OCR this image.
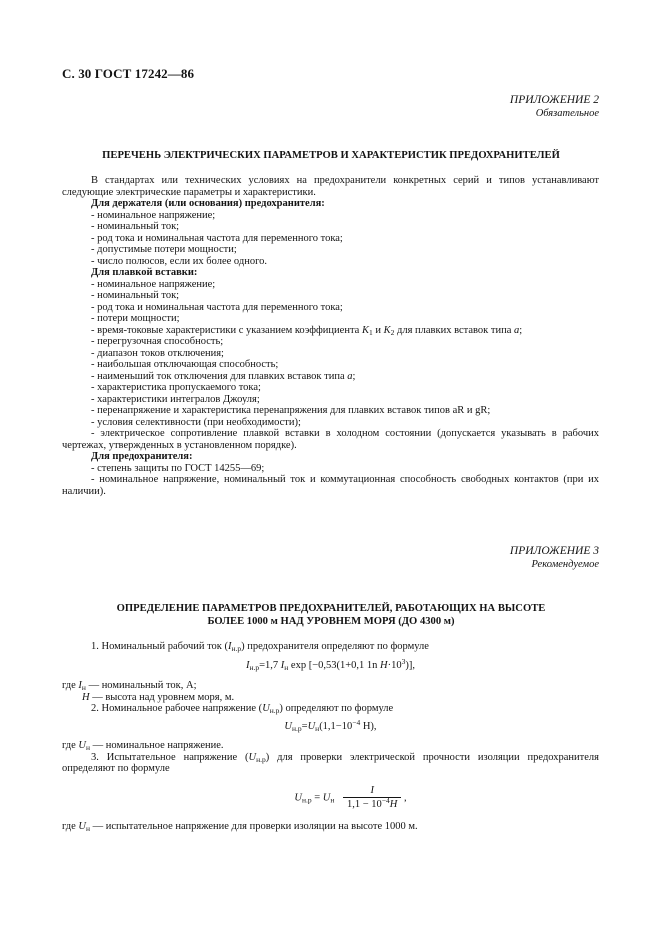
С. 30 ГОСТ 17242—86
ПРИЛОЖЕНИЕ 2
Обязательное
ПЕРЕЧЕНЬ ЭЛЕКТРИЧЕСКИХ ПАРАМЕТРОВ И ХАРАКТЕРИСТИК ПРЕДОХРАНИТЕЛЕЙ

В стандартах или технических условиях на предохранители конкретных серий и типов устанавливают следующие электрические параметры и характеристики.

Для держателя (или основания) предохранителя:

- номинальное напряжение;

- номинальный ток;

- род тока и номинальная частота для переменного тока;

- допустимые потери мощности;

- число полюсов, если их более одного.

Для плавкой вставки:

- номинальное напряжение;

- номинальный ток;

- род тока и номинальная частота для переменного тока;

- потери мощности;

- время-токовые характеристики с указанием коэффициента $K_1$ и $K_2$ для плавких вставок типа a;

- перегрузочная способность;

- диапазон токов отключения;

- наибольшая отключающая способность;

- наименьший ток отключения для плавких вставок типа a;

- характеристика пропускаемого тока;

- характеристики интегралов Джоуля;

- перенапряжение и характеристика перенапряжения для плавких вставок типов aR и gR;

- условия селективности (при необходимости);

- электрическое сопротивление плавкой вставки в холодном состоянии (допускается указывать в рабочих чертежах, утвержденных в установленном порядке).

Для предохранителя:

- степень защиты по ГОСТ 14255—69;

- номинальное напряжение, номинальный ток и коммутационная способность свободных контактов (при их наличии).

ПРИЛОЖЕНИЕ 3
Рекомендуемое
ОПРЕДЕЛЕНИЕ ПАРАМЕТРОВ ПРЕДОХРАНИТЕЛЕЙ, РАБОТАЮЩИХ НА ВЫСОТЕ
БОЛЕЕ 1000 м НАД УРОВНЕМ МОРЯ (ДО 4300 м)

1. Номинальный рабочий ток $(I_{н.р})$ предохранителя определяют по формуле

$I_{н.р}=1,7$ $I_н$ exp [−0,53(1+0,1 1n $H\cdot 10^3$)],

где $I_н$ — номинальный ток, А;

H — высота над уровнем моря, м.

2. Номинальное рабочее напряжение $(U_{н.р})$ определяют по формуле

$U_{н.р}=U_н(1,1-10^{-4}$ H),

где $U_н$ — номинальное напряжение.

3. Испытательное напряжение $(U_{н.р})$ для проверки электрической прочности изоляции предохранителя определяют по формуле

$U_{н.р} = U_н \frac{I}{1,1 - 10^{-4}H}$ ,

где $U_н$ — испытательное напряжение для проверки изоляции на высоте 1000 м.
